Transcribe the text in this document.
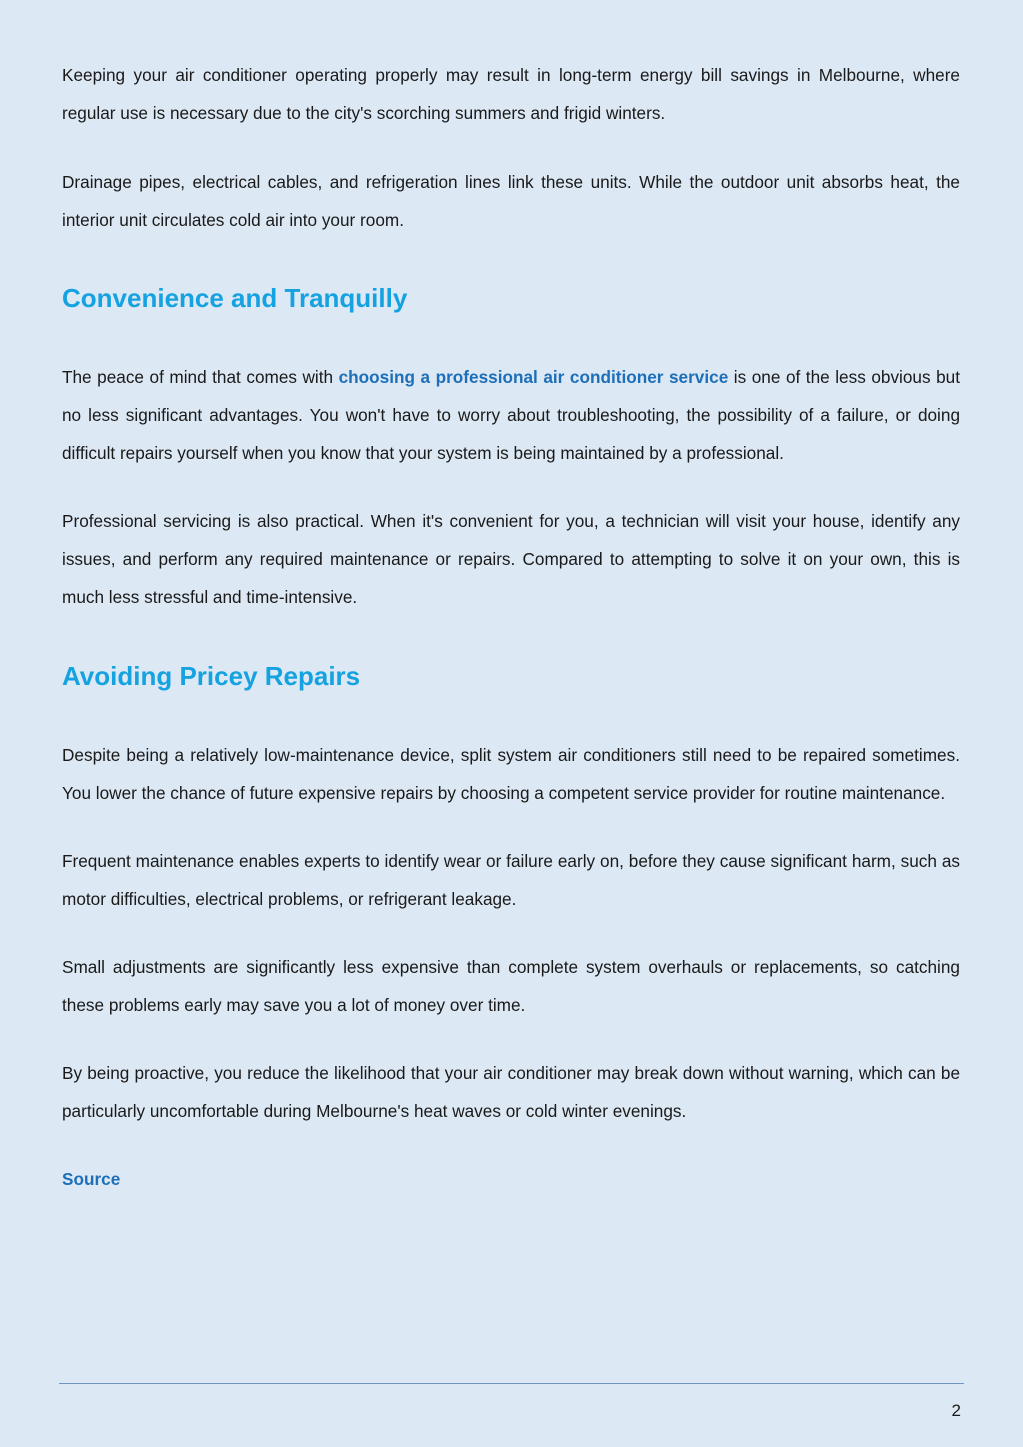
Keeping your air conditioner operating properly may result in long-term energy bill savings in Melbourne, where regular use is necessary due to the city's scorching summers and frigid winters.

Drainage pipes, electrical cables, and refrigeration lines link these units. While the outdoor unit absorbs heat, the interior unit circulates cold air into your room.

Convenience and Tranquilly

The peace of mind that comes with choosing a professional air conditioner service is one of the less obvious but no less significant advantages. You won't have to worry about troubleshooting, the possibility of a failure, or doing difficult repairs yourself when you know that your system is being maintained by a professional.

Professional servicing is also practical. When it's convenient for you, a technician will visit your house, identify any issues, and perform any required maintenance or repairs. Compared to attempting to solve it on your own, this is much less stressful and time-intensive.

Avoiding Pricey Repairs

Despite being a relatively low-maintenance device, split system air conditioners still need to be repaired sometimes. You lower the chance of future expensive repairs by choosing a competent service provider for routine maintenance.

Frequent maintenance enables experts to identify wear or failure early on, before they cause significant harm, such as motor difficulties, electrical problems, or refrigerant leakage.

Small adjustments are significantly less expensive than complete system overhauls or replacements, so catching these problems early may save you a lot of money over time.

By being proactive, you reduce the likelihood that your air conditioner may break down without warning, which can be particularly uncomfortable during Melbourne's heat waves or cold winter evenings.

Source

2
